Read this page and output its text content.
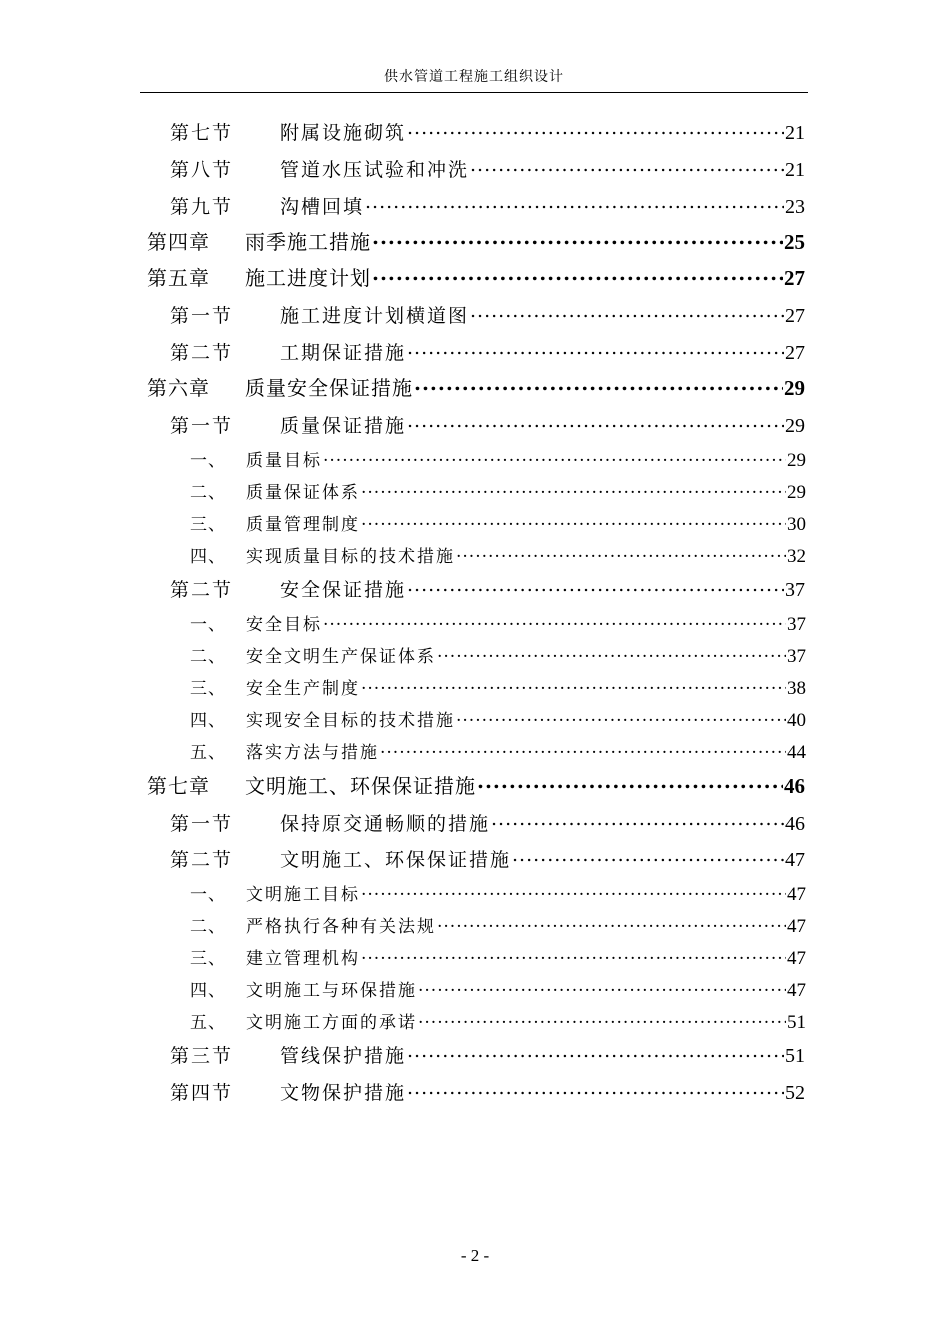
供水管道工程施工组织设计
第七节	附属设施砌筑 .....	21
第八节	管道水压试验和冲洗 .....	21
第九节	沟槽回填 .....	23
第四章	雨季施工措施 .....	25
第五章	施工进度计划 .....	27
第一节	施工进度计划横道图 .....	27
第二节	工期保证措施 .....	27
第六章	质量安全保证措施 .....	29
第一节	质量保证措施 .....	29
一、	质量目标 .....	29
二、	质量保证体系 .....	29
三、	质量管理制度 .....	30
四、	实现质量目标的技术措施 .....	32
第二节	安全保证措施 .....	37
一、	安全目标 .....	37
二、	安全文明生产保证体系 .....	37
三、	安全生产制度 .....	38
四、	实现安全目标的技术措施 .....	40
五、	落实方法与措施 .....	44
第七章	文明施工、环保保证措施 .....	46
第一节	保持原交通畅顺的措施 .....	46
第二节	文明施工、环保保证措施 .....	47
一、	文明施工目标 .....	47
二、	严格执行各种有关法规 .....	47
三、	建立管理机构 .....	47
四、	文明施工与环保措施 .....	47
五、	文明施工方面的承诺 .....	51
第三节	管线保护措施 .....	51
第四节	文物保护措施 .....	52
- 2 -
